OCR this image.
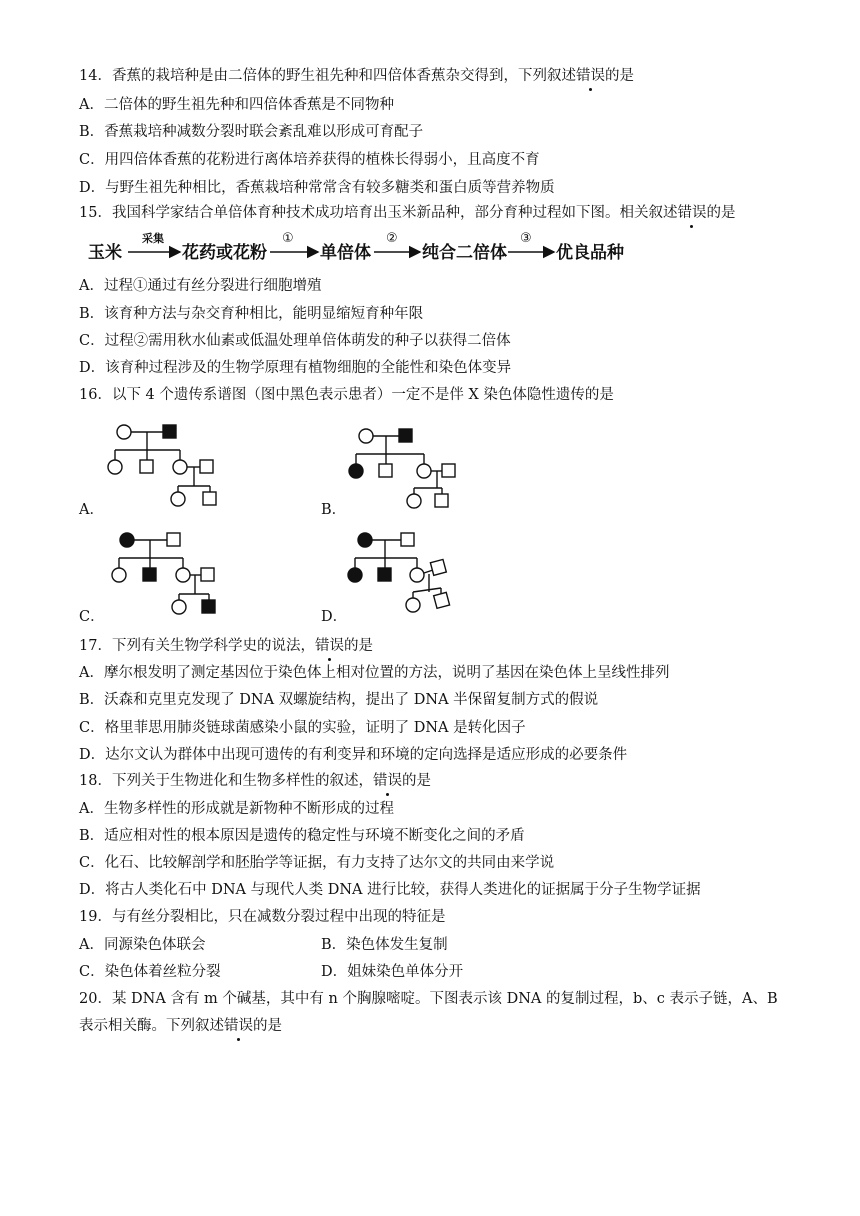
14．香蕉的栽培种是由二倍体的野生祖先种和四倍体香蕉杂交得到，下列叙述错误的是
A．二倍体的野生祖先种和四倍体香蕉是不同物种
B．香蕉栽培种减数分裂时联会紊乱难以形成可育配子
C．用四倍体香蕉的花粉进行离体培养获得的植株长得弱小，且高度不育
D．与野生祖先种相比，香蕉栽培种常常含有较多糖类和蛋白质等营养物质
15．我国科学家结合单倍体育种技术成功培育出玉米新品种，部分育种过程如下图。相关叙述错误的是
玉米
采集
花药或花粉
①
单倍体
②
纯合二倍体
③
优良品种
A．过程①通过有丝分裂进行细胞增殖
B．该育种方法与杂交育种相比，能明显缩短育种年限
C．过程②需用秋水仙素或低温处理单倍体萌发的种子以获得二倍体
D．该育种过程涉及的生物学原理有植物细胞的全能性和染色体变异
16．以下 4 个遗传系谱图（图中黑色表示患者）一定不是伴 X 染色体隐性遗传的是
A．	B．
C．	D．
17．下列有关生物学科学史的说法，错误的是
A．摩尔根发明了测定基因位于染色体上相对位置的方法，说明了基因在染色体上呈线性排列
B．沃森和克里克发现了 DNA 双螺旋结构，提出了 DNA 半保留复制方式的假说
C．格里菲思用肺炎链球菌感染小鼠的实验，证明了 DNA 是转化因子
D．达尔文认为群体中出现可遗传的有利变异和环境的定向选择是适应形成的必要条件
18．下列关于生物进化和生物多样性的叙述，错误的是
A．生物多样性的形成就是新物种不断形成的过程
B．适应相对性的根本原因是遗传的稳定性与环境不断变化之间的矛盾
C．化石、比较解剖学和胚胎学等证据，有力支持了达尔文的共同由来学说
D．将古人类化石中 DNA 与现代人类 DNA 进行比较，获得人类进化的证据属于分子生物学证据
19．与有丝分裂相比，只在减数分裂过程中出现的特征是
A．同源染色体联会	B．染色体发生复制
C．染色体着丝粒分裂	D．姐妹染色单体分开
20．某 DNA 含有 m 个碱基，其中有 n 个胸腺嘧啶。下图表示该 DNA 的复制过程，b、c 表示子链，A、B
表示相关酶。下列叙述错误的是
